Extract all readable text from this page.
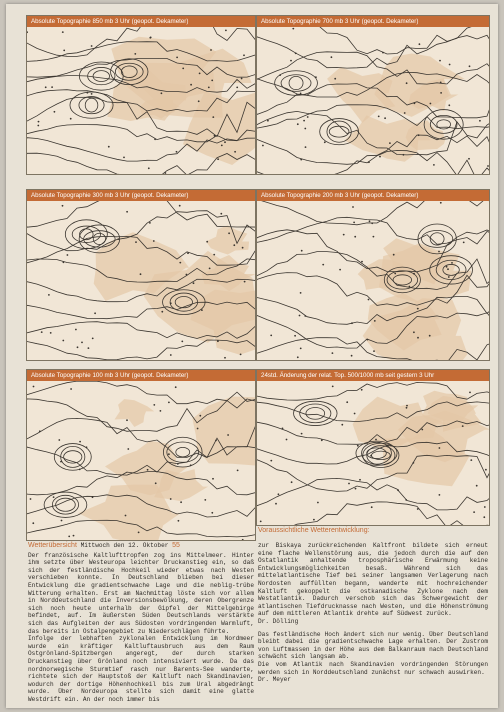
Absolute Topographie 850 mb 3 Uhr (geopot. Dekameter)	Absolute Topographie 700 mb 3 Uhr (geopot. Dekameter)
Absolute Topographie 300 mb 3 Uhr (geopot. Dekameter)	Absolute Topographie 200 mb 3 Uhr (geopot. Dekameter)
Absolute Topographie 100 mb 3 Uhr (geopot. Dekameter)	24std. Änderung der relat. Top. 500/1000 mb seit gestern 3 Uhr
Voraussichtliche Wetterentwicklung:
Wetterübersicht Mittwoch den 12. Oktober 55

Der französische Kaltlufttropfen zog ins Mittelmeer. Hinter ihm setzte über Westeuropa leichter Druckanstieg ein, so daß sich der festländische Hochkeil wieder etwas nach Westen verschieben konnte. In Deutschland blieben bei dieser Entwicklung die gradientschwache Lage und die neblig-trübe Witterung erhalten. Erst am Nachmittag löste sich vor allem in Norddeutschland die Inversionsbewölkung, deren Obergrenze sich noch heute unterhalb der Gipfel der Mittelgebirge befindet, auf. Im äußersten Süden Deutschlands verstärkte sich das Aufgleiten der aus Südosten vordringenden Warmluft, das bereits in Ostalpengebiet zu Niederschlägen führte.

Infolge der lebhaften zyklonalen Entwicklung im Nordmeer wurde ein kräftiger Kaltluftausbruch aus dem Raum Ostgrönland-Spitzbergen angeregt, der durch starken Druckanstieg über Grönland noch intensiviert wurde. Da das nordnorwegische Sturmtief rasch nur Barents-See wanderte, richtete sich der Hauptstoß der Kaltluft nach Skandinavien, wodurch der dortige Höhenhochkeil bis zum Ural abgedrängt wurde. Über Nordeuropa stellte sich damit eine glatte Westdrift ein. An der noch immer bis

zur Biskaya zurückreichenden Kaltfront bildete sich erneut eine flache Wellenstörung aus, die jedoch durch die auf den Ostatlantik anhaltende troposphärische Erwärmung keine Entwicklungsmöglichkeiten besaß. Während sich das mittelatlantische Tief bei seiner langsamen Verlagerung nach Nordosten auffüllten begann, wanderte mit hochreichender Kaltluft gekoppelt die ostkanadische Zyklone nach dem Westatlantik. Dadurch verschob sich das Schwergewicht der atlantischen Tiefdrucknasse nach Westen, und die Höhenströmung auf dem mittleren Atlantik drehte auf Südwest zurück.

Dr. Dölling

Das festländische Hoch ändert sich nur wenig. Über Deutschland bleibt dabei die gradientschwache Lage erhalten. Der Zustrom von Luftmassen in der Höhe aus dem Balkanraum nach Deutschland schwächt sich langsam ab.

Die vom Atlantik nach Skandinavien vordringenden Störungen werden sich in Norddeutschland zunächst nur schwach auswirken.

Dr. Meyer
